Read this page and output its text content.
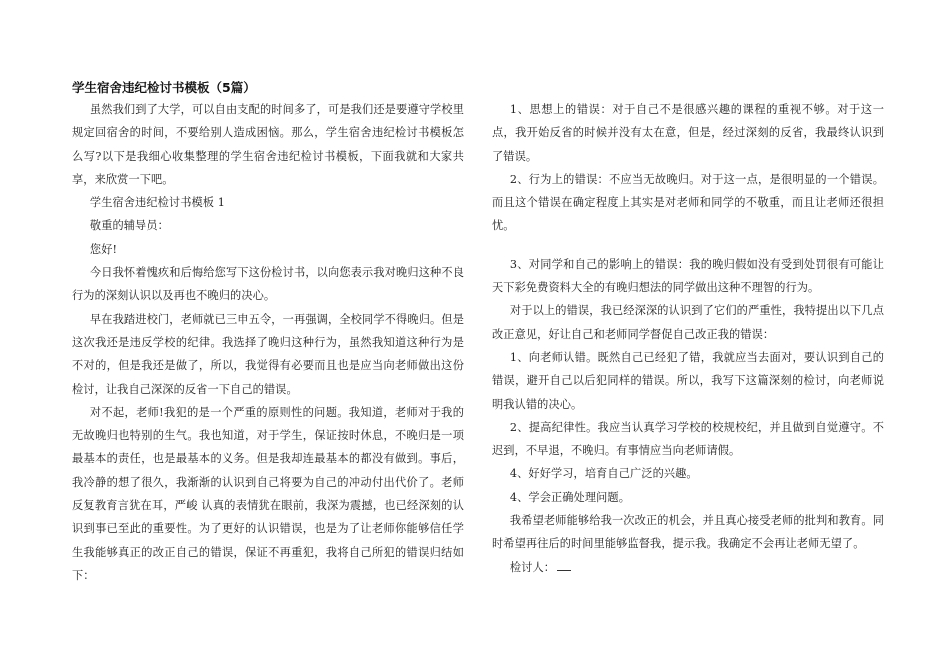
学生宿舍违纪检讨书模板（5篇）

虽然我们到了大学，可以自由支配的时间多了，可是我们还是要遵守学校里规定回宿舍的时间，不要给别人造成困恼。那么，学生宿舍违纪检讨书模板怎么写?以下是我细心收集整理的学生宿舍违纪检讨书模板，下面我就和大家共享，来欣赏一下吧。

学生宿舍违纪检讨书模板 1

敬重的辅导员：

您好!

今日我怀着愧疚和后悔给您写下这份检讨书，以向您表示我对晚归这种不良行为的深刻认识以及再也不晚归的决心。

早在我踏进校门，老师就已三申五令，一再强调，全校同学不得晚归。但是这次我还是违反学校的纪律。我选择了晚归这种行为，虽然我知道这种行为是不对的，但是我还是做了，所以，我觉得有必要而且也是应当向老师做出这份检讨，让我自己深深的反省一下自己的错误。

对不起，老师!我犯的是一个严重的原则性的问题。我知道，老师对于我的无故晚归也特别的生气。我也知道，对于学生，保证按时休息，不晚归是一项最基本的责任，也是最基本的义务。但是我却连最基本的都没有做到。事后，我冷静的想了很久，我渐渐的认识到自己将要为自己的冲动付出代价了。老师反复教育言犹在耳，严峻 认真的表情犹在眼前，我深为震撼，也已经深刻的认识到事已至此的重要性。为了更好的认识错误，也是为了让老师你能够信任学生我能够真正的改正自己的错误，保证不再重犯，我将自己所犯的错误归结如下：

1、思想上的错误：对于自己不是很感兴趣的课程的重视不够。对于这一点，我开始反省的时候并没有太在意，但是，经过深刻的反省，我最终认识到了错误。

2、行为上的错误：不应当无故晚归。对于这一点，是很明显的一个错误。而且这个错误在确定程度上其实是对老师和同学的不敬重，而且让老师还很担忧。

3、对同学和自己的影响上的错误：我的晚归假如没有受到处罚很有可能让天下彩免费资料大全的有晚归想法的同学做出这种不理智的行为。

对于以上的错误，我已经深深的认识到了它们的严重性，我特提出以下几点改正意见，好让自己和老师同学督促自己改正我的错误：

1、向老师认错。既然自己已经犯了错，我就应当去面对，要认识到自己的错误，避开自己以后犯同样的错误。所以，我写下这篇深刻的检讨，向老师说明我认错的决心。

2、提高纪律性。我应当认真学习学校的校规校纪，并且做到自觉遵守。不迟到，不早退，不晚归。有事情应当向老师请假。

4、好好学习，培育自己广泛的兴趣。

4、学会正确处理问题。

我希望老师能够给我一次改正的机会，并且真心接受老师的批判和教育。同时希望再往后的时间里能够监督我，提示我。我确定不会再让老师无望了。

检讨人：
